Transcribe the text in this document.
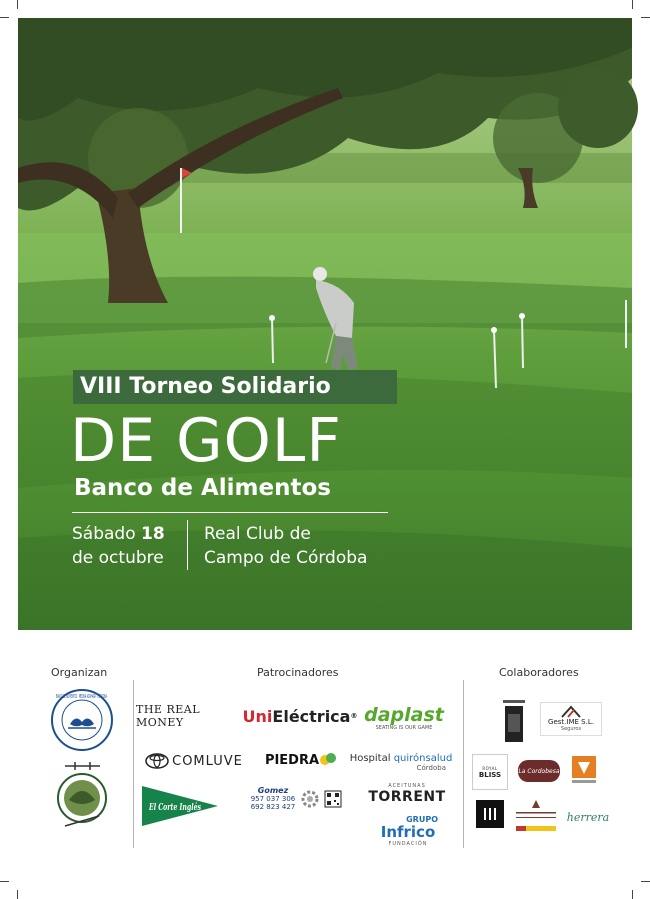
VIII Torneo Solidario
DE GOLF
Banco de Alimentos
Sábado 18
de octubre
Real Club de
Campo de Córdoba
Organizan	Patrocinadores	Colaboradores
BANCO DE ALIMENTOS · MEDINA AZAHARA · CÓRDOBA ·
THE REAL MONEY	Uni Eléctrica ® daplast
SEATING IS OUR GAME
COMLUVE PIEDRA	Hospital quirónsalud
Córdoba
El Corte Inglés
Gomez
957 037 306
692 823 427
ACEITUNAS
TORRENT
GRUPO
Infrico
FUNDACIÓN
Gest.IME S.L.
Seguros
ROYAL
BLISS	La Cordobesa
herrera
